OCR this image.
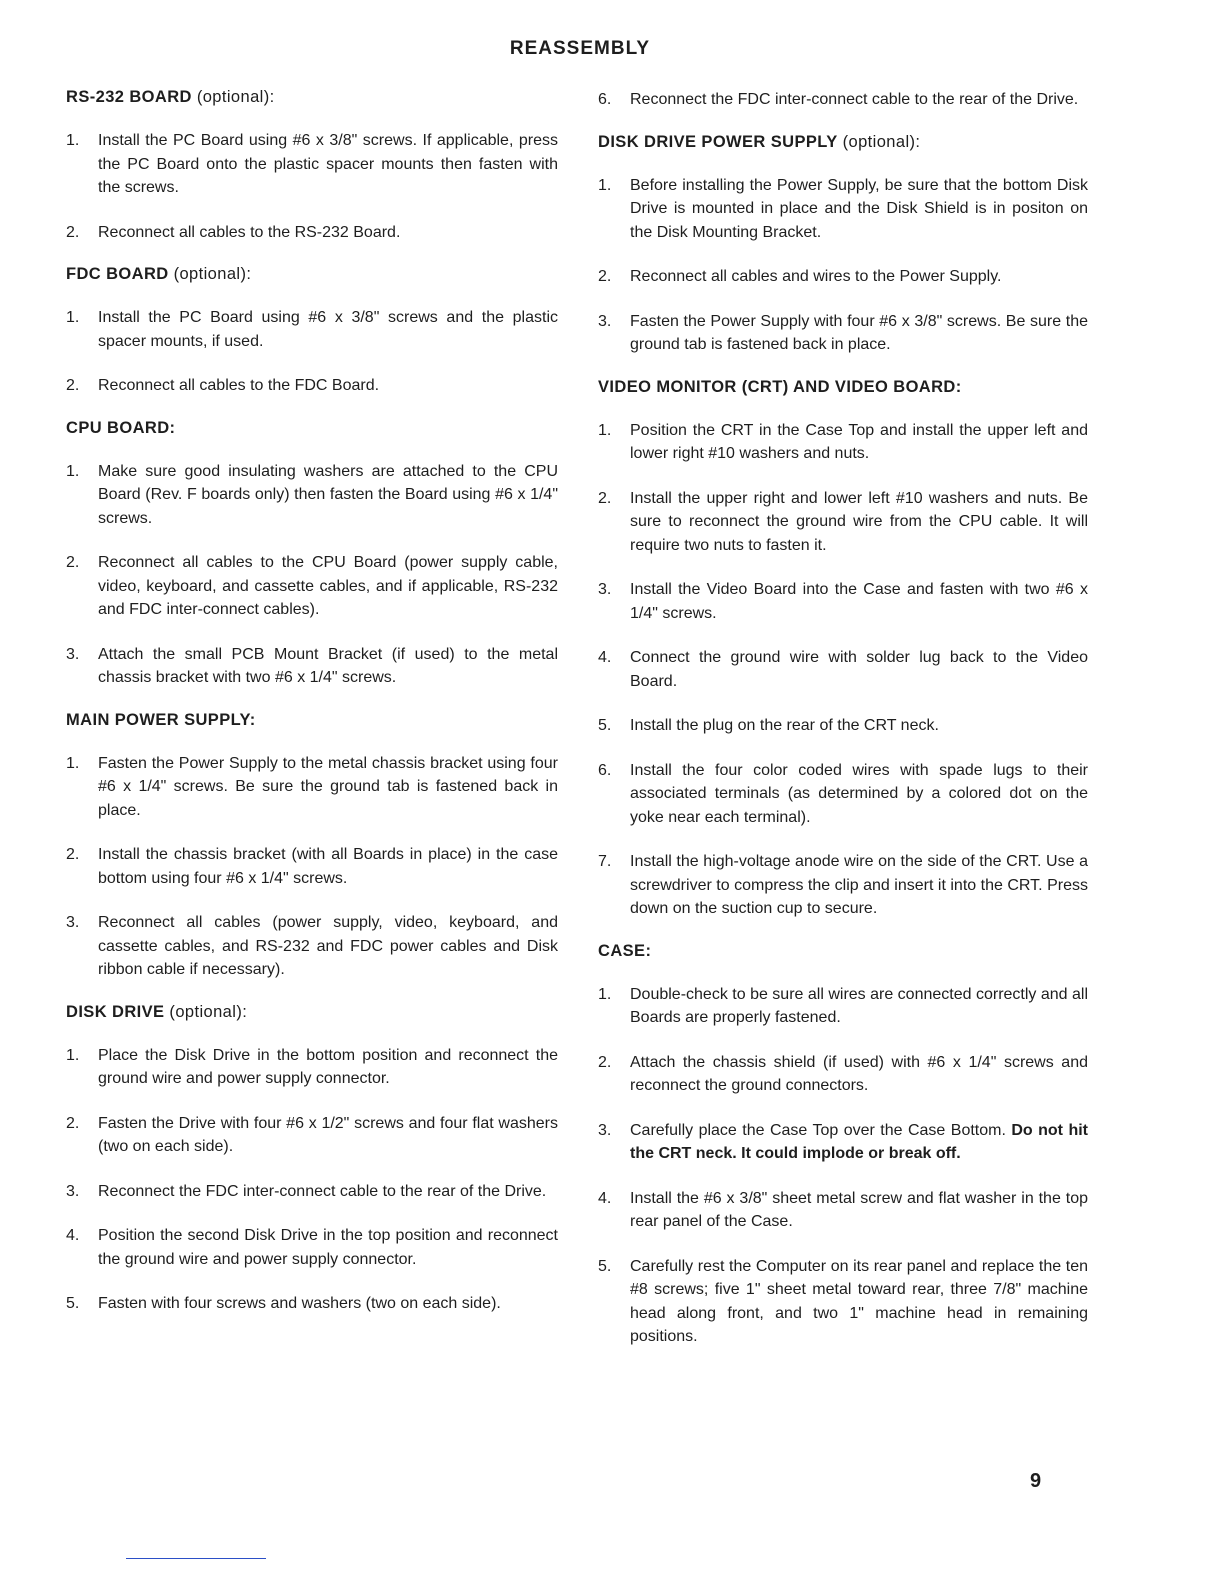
REASSEMBLY
RS-232 BOARD (optional):
1.	Install the PC Board using #6 x 3/8" screws. If applicable, press the PC Board onto the plastic spacer mounts then fasten with the screws.
2.	Reconnect all cables to the RS-232 Board.
FDC BOARD (optional):
1.	Install the PC Board using #6 x 3/8" screws and the plastic spacer mounts, if used.
2.	Reconnect all cables to the FDC Board.
CPU BOARD:
1.	Make sure good insulating washers are attached to the CPU Board (Rev. F boards only) then fasten the Board using #6 x 1/4" screws.
2.	Reconnect all cables to the CPU Board (power supply cable, video, keyboard, and cassette cables, and if applicable, RS-232 and FDC inter-connect cables).
3.	Attach the small PCB Mount Bracket (if used) to the metal chassis bracket with two #6 x 1/4" screws.
MAIN POWER SUPPLY:
1.	Fasten the Power Supply to the metal chassis bracket using four #6 x 1/4" screws. Be sure the ground tab is fastened back in place.
2.	Install the chassis bracket (with all Boards in place) in the case bottom using four #6 x 1/4" screws.
3.	Reconnect all cables (power supply, video, keyboard, and cassette cables, and RS-232 and FDC power cables and Disk ribbon cable if necessary).
DISK DRIVE (optional):
1.	Place the Disk Drive in the bottom position and reconnect the ground wire and power supply connector.
2.	Fasten the Drive with four #6 x 1/2" screws and four flat washers (two on each side).
3.	Reconnect the FDC inter-connect cable to the rear of the Drive.
4.	Position the second Disk Drive in the top position and reconnect the ground wire and power supply connector.
5.	Fasten with four screws and washers (two on each side).
6.	Reconnect the FDC inter-connect cable to the rear of the Drive.
DISK DRIVE POWER SUPPLY (optional):
1.	Before installing the Power Supply, be sure that the bottom Disk Drive is mounted in place and the Disk Shield is in positon on the Disk Mounting Bracket.
2.	Reconnect all cables and wires to the Power Supply.
3.	Fasten the Power Supply with four #6 x 3/8" screws. Be sure the ground tab is fastened back in place.
VIDEO MONITOR (CRT) AND VIDEO BOARD:
1.	Position the CRT in the Case Top and install the upper left and lower right #10 washers and nuts.
2.	Install the upper right and lower left #10 washers and nuts. Be sure to reconnect the ground wire from the CPU cable. It will require two nuts to fasten it.
3.	Install the Video Board into the Case and fasten with two #6 x 1/4" screws.
4.	Connect the ground wire with solder lug back to the Video Board.
5.	Install the plug on the rear of the CRT neck.
6.	Install the four color coded wires with spade lugs to their associated terminals (as determined by a colored dot on the yoke near each terminal).
7.	Install the high-voltage anode wire on the side of the CRT. Use a screwdriver to compress the clip and insert it into the CRT. Press down on the suction cup to secure.
CASE:
1.	Double-check to be sure all wires are connected correctly and all Boards are properly fastened.
2.	Attach the chassis shield (if used) with #6 x 1/4" screws and reconnect the ground connectors.
3.	Carefully place the Case Top over the Case Bottom. Do not hit the CRT neck. It could implode or break off.
4.	Install the #6 x 3/8" sheet metal screw and flat washer in the top rear panel of the Case.
5.	Carefully rest the Computer on its rear panel and replace the ten #8 screws; five 1" sheet metal toward rear, three 7/8" machine head along front, and two 1" machine head in remaining positions.
9
